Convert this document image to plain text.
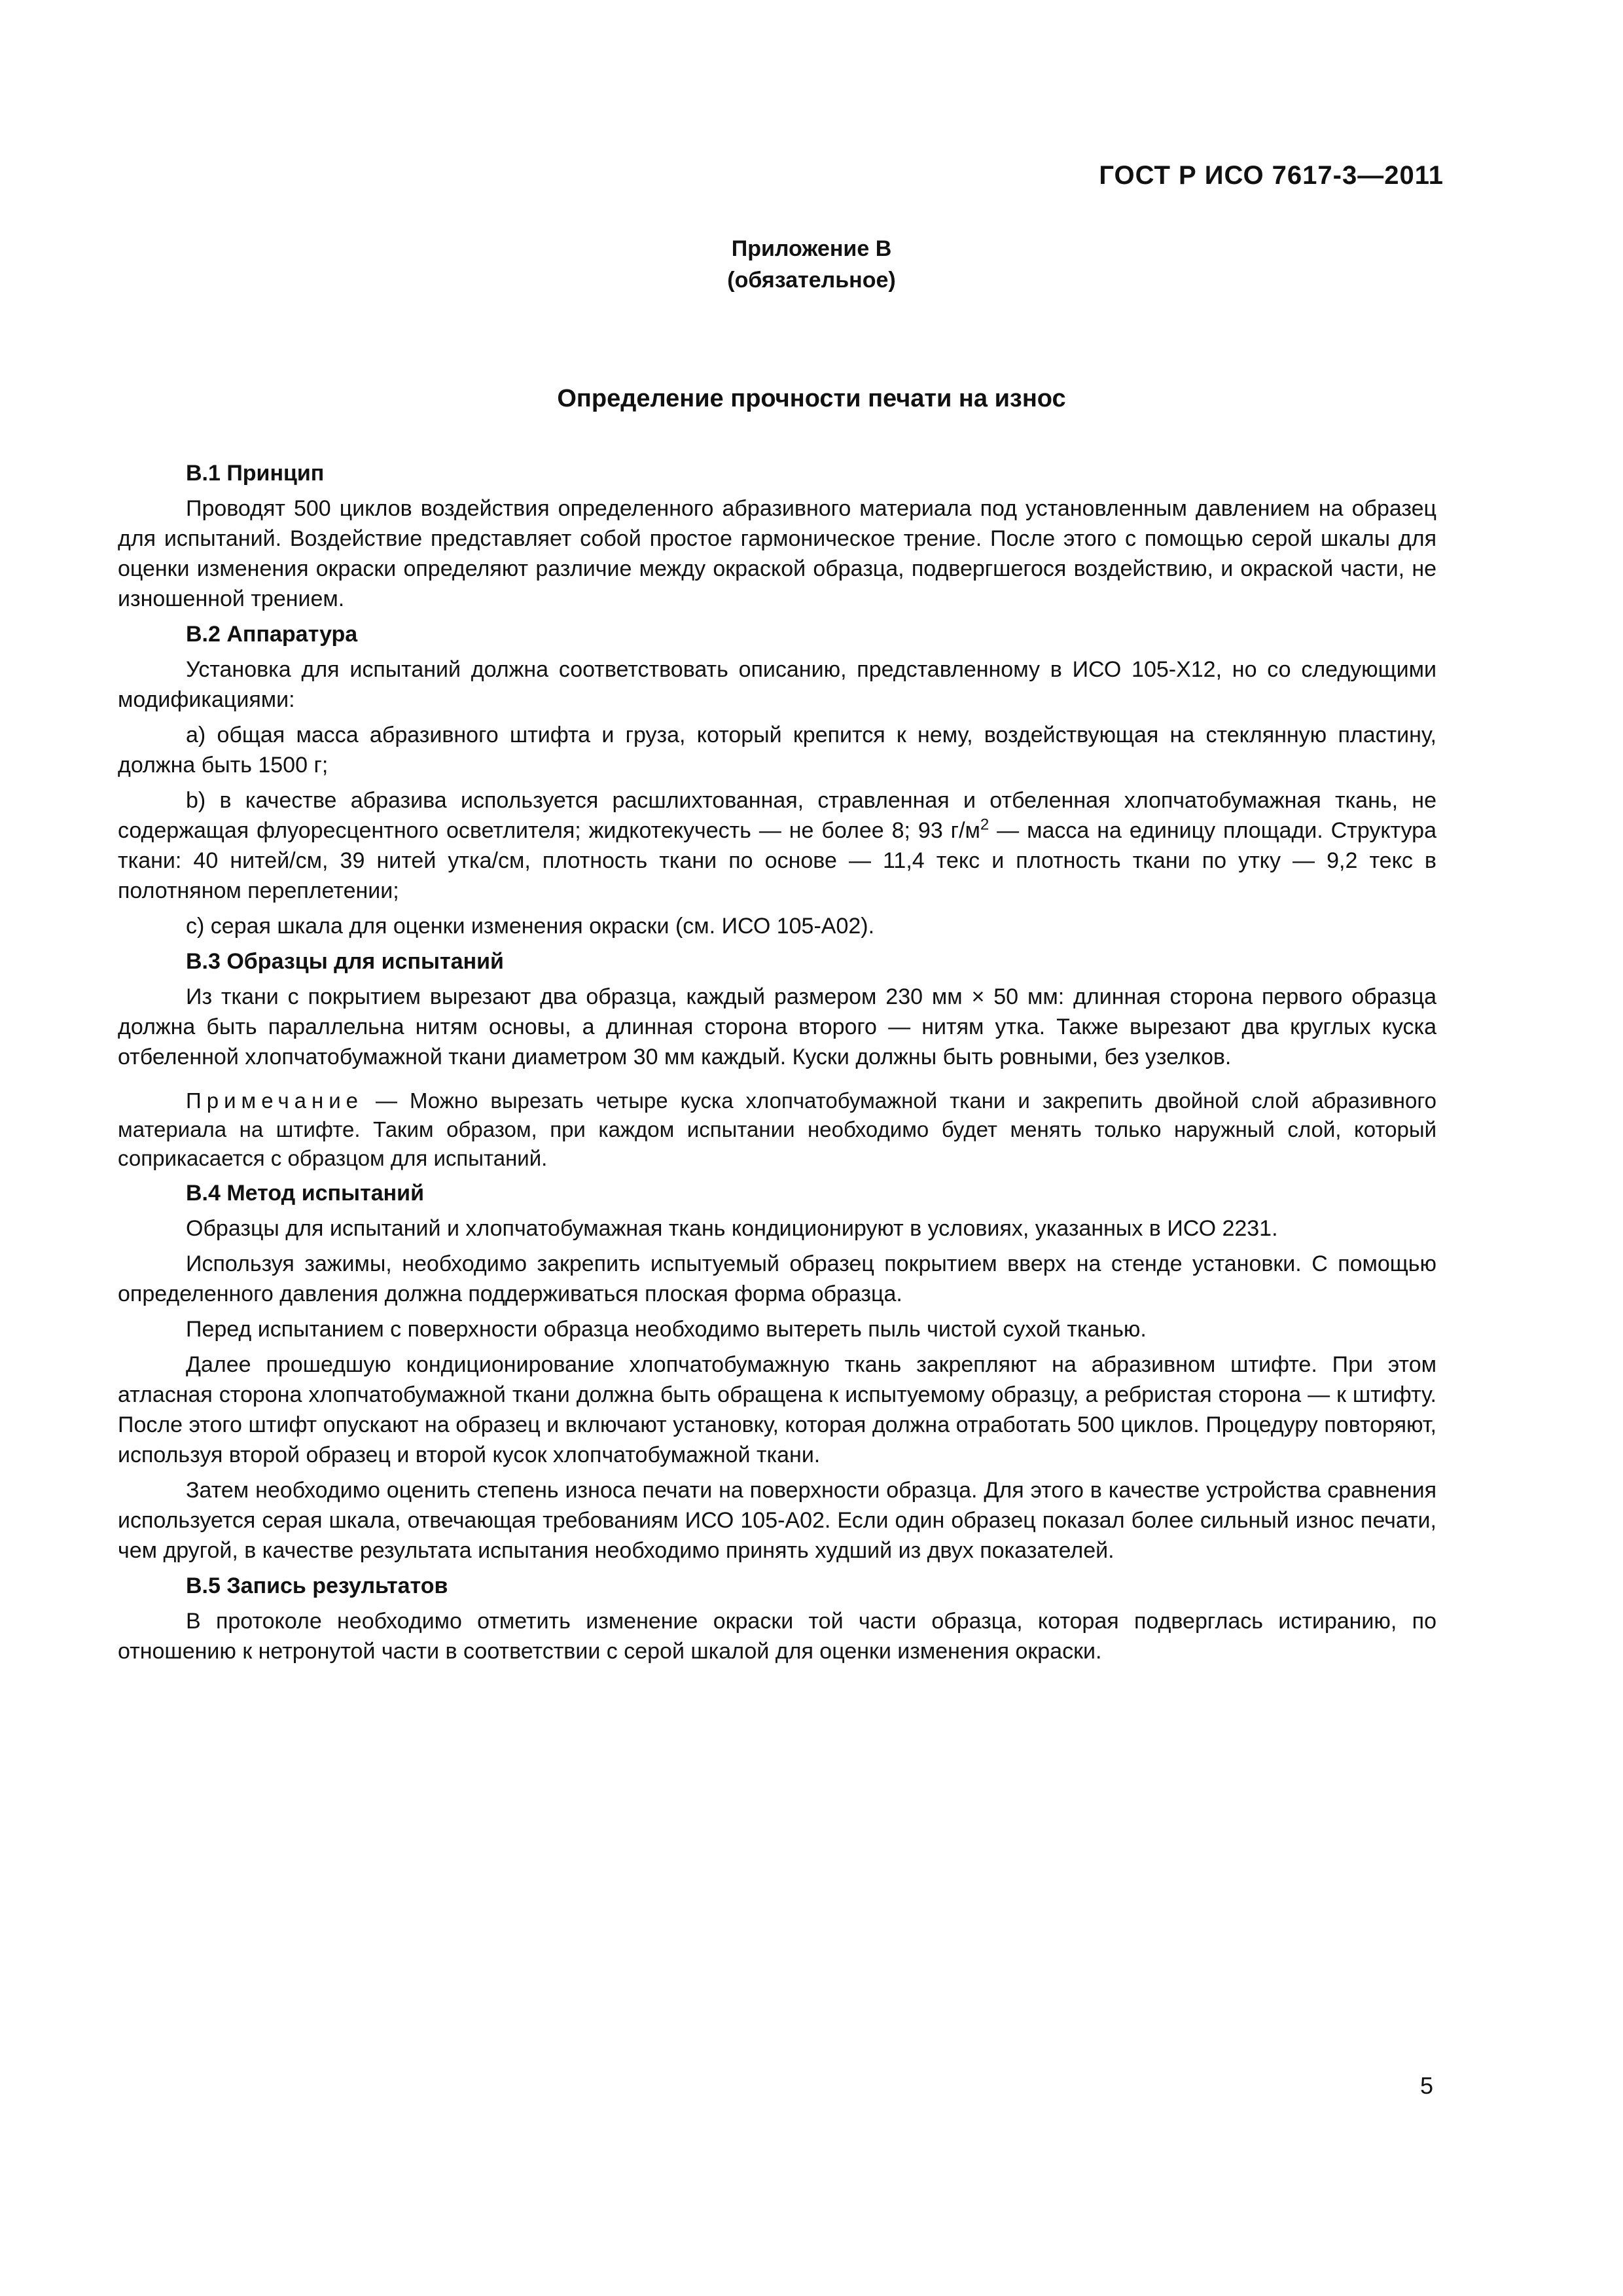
ГОСТ Р ИСО 7617-3—2011
Приложение В
(обязательное)
Определение прочности печати на износ
В.1 Принцип
Проводят 500 циклов воздействия определенного абразивного материала под установленным давлением на образец для испытаний. Воздействие представляет собой простое гармоническое трение. После этого с помощью серой шкалы для оценки изменения окраски определяют различие между окраской образца, подвергшегося воздействию, и окраской части, не изношенной трением.
В.2 Аппаратура
Установка для испытаний должна соответствовать описанию, представленному в ИСО 105-Х12, но со следующими модификациями:
а) общая масса абразивного штифта и груза, который крепится к нему, воздействующая на стеклянную пластину, должна быть 1500 г;
b) в качестве абразива используется расшлихтованная, стравленная и отбеленная хлопчатобумажная ткань, не содержащая флуоресцентного осветлителя; жидкотекучесть — не более 8; 93 $г/м^2$ — масса на единицу площади. Структура ткани: 40 нитей/см, 39 нитей утка/см, плотность ткани по основе — 11,4 текс и плотность ткани по утку — 9,2 текс в полотняном переплетении;
с) серая шкала для оценки изменения окраски (см. ИСО 105-А02).
В.3 Образцы для испытаний
Из ткани с покрытием вырезают два образца, каждый размером 230 мм × 50 мм: длинная сторона первого образца должна быть параллельна нитям основы, а длинная сторона второго — нитям утка. Также вырезают два круглых куска отбеленной хлопчатобумажной ткани диаметром 30 мм каждый. Куски должны быть ровными, без узелков.
Примечание — Можно вырезать четыре куска хлопчатобумажной ткани и закрепить двойной слой абразивного материала на штифте. Таким образом, при каждом испытании необходимо будет менять только наружный слой, который соприкасается с образцом для испытаний.
В.4 Метод испытаний
Образцы для испытаний и хлопчатобумажная ткань кондиционируют в условиях, указанных в ИСО 2231.
Используя зажимы, необходимо закрепить испытуемый образец покрытием вверх на стенде установки. С помощью определенного давления должна поддерживаться плоская форма образца.
Перед испытанием с поверхности образца необходимо вытереть пыль чистой сухой тканью.
Далее прошедшую кондиционирование хлопчатобумажную ткань закрепляют на абразивном штифте. При этом атласная сторона хлопчатобумажной ткани должна быть обращена к испытуемому образцу, а ребристая сторона — к штифту. После этого штифт опускают на образец и включают установку, которая должна отработать 500 циклов. Процедуру повторяют, используя второй образец и второй кусок хлопчатобумажной ткани.
Затем необходимо оценить степень износа печати на поверхности образца. Для этого в качестве устройства сравнения используется серая шкала, отвечающая требованиям ИСО 105-А02. Если один образец показал более сильный износ печати, чем другой, в качестве результата испытания необходимо принять худший из двух показателей.
В.5 Запись результатов
В протоколе необходимо отметить изменение окраски той части образца, которая подверглась истиранию, по отношению к нетронутой части в соответствии с серой шкалой для оценки изменения окраски.
5
